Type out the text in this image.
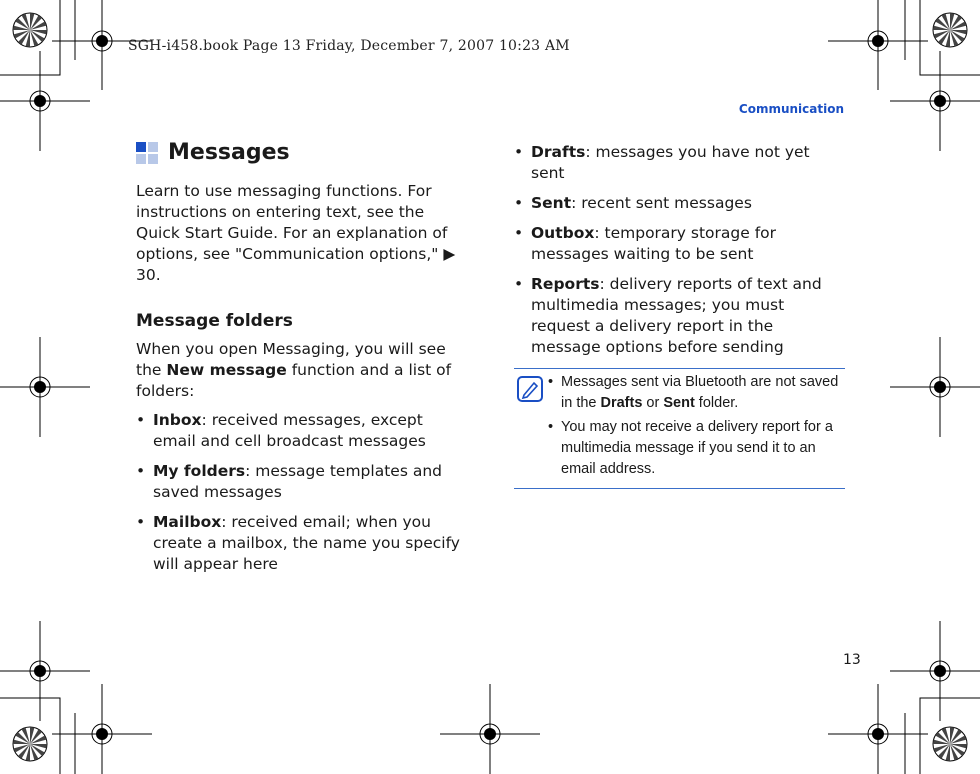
SGH-i458.book Page 13 Friday, December 7, 2007 10:23 AM
Communication
Messages

Learn to use messaging functions. For instructions on entering text, see the Quick Start Guide. For an explanation of options, see "Communication options," ▶ 30.

Message folders

When you open Messaging, you will see the New message function and a list of folders:

• Inbox: received messages, except email and cell broadcast messages
• My folders: message templates and saved messages
• Mailbox: received email; when you create a mailbox, the name you specify will appear here
• Drafts: messages you have not yet sent
• Sent: recent sent messages
• Outbox: temporary storage for messages waiting to be sent
• Reports: delivery reports of text and multimedia messages; you must request a delivery report in the message options before sending
• Messages sent via Bluetooth are not saved in the Drafts or Sent folder.
• You may not receive a delivery report for a multimedia message if you send it to an email address.
13
